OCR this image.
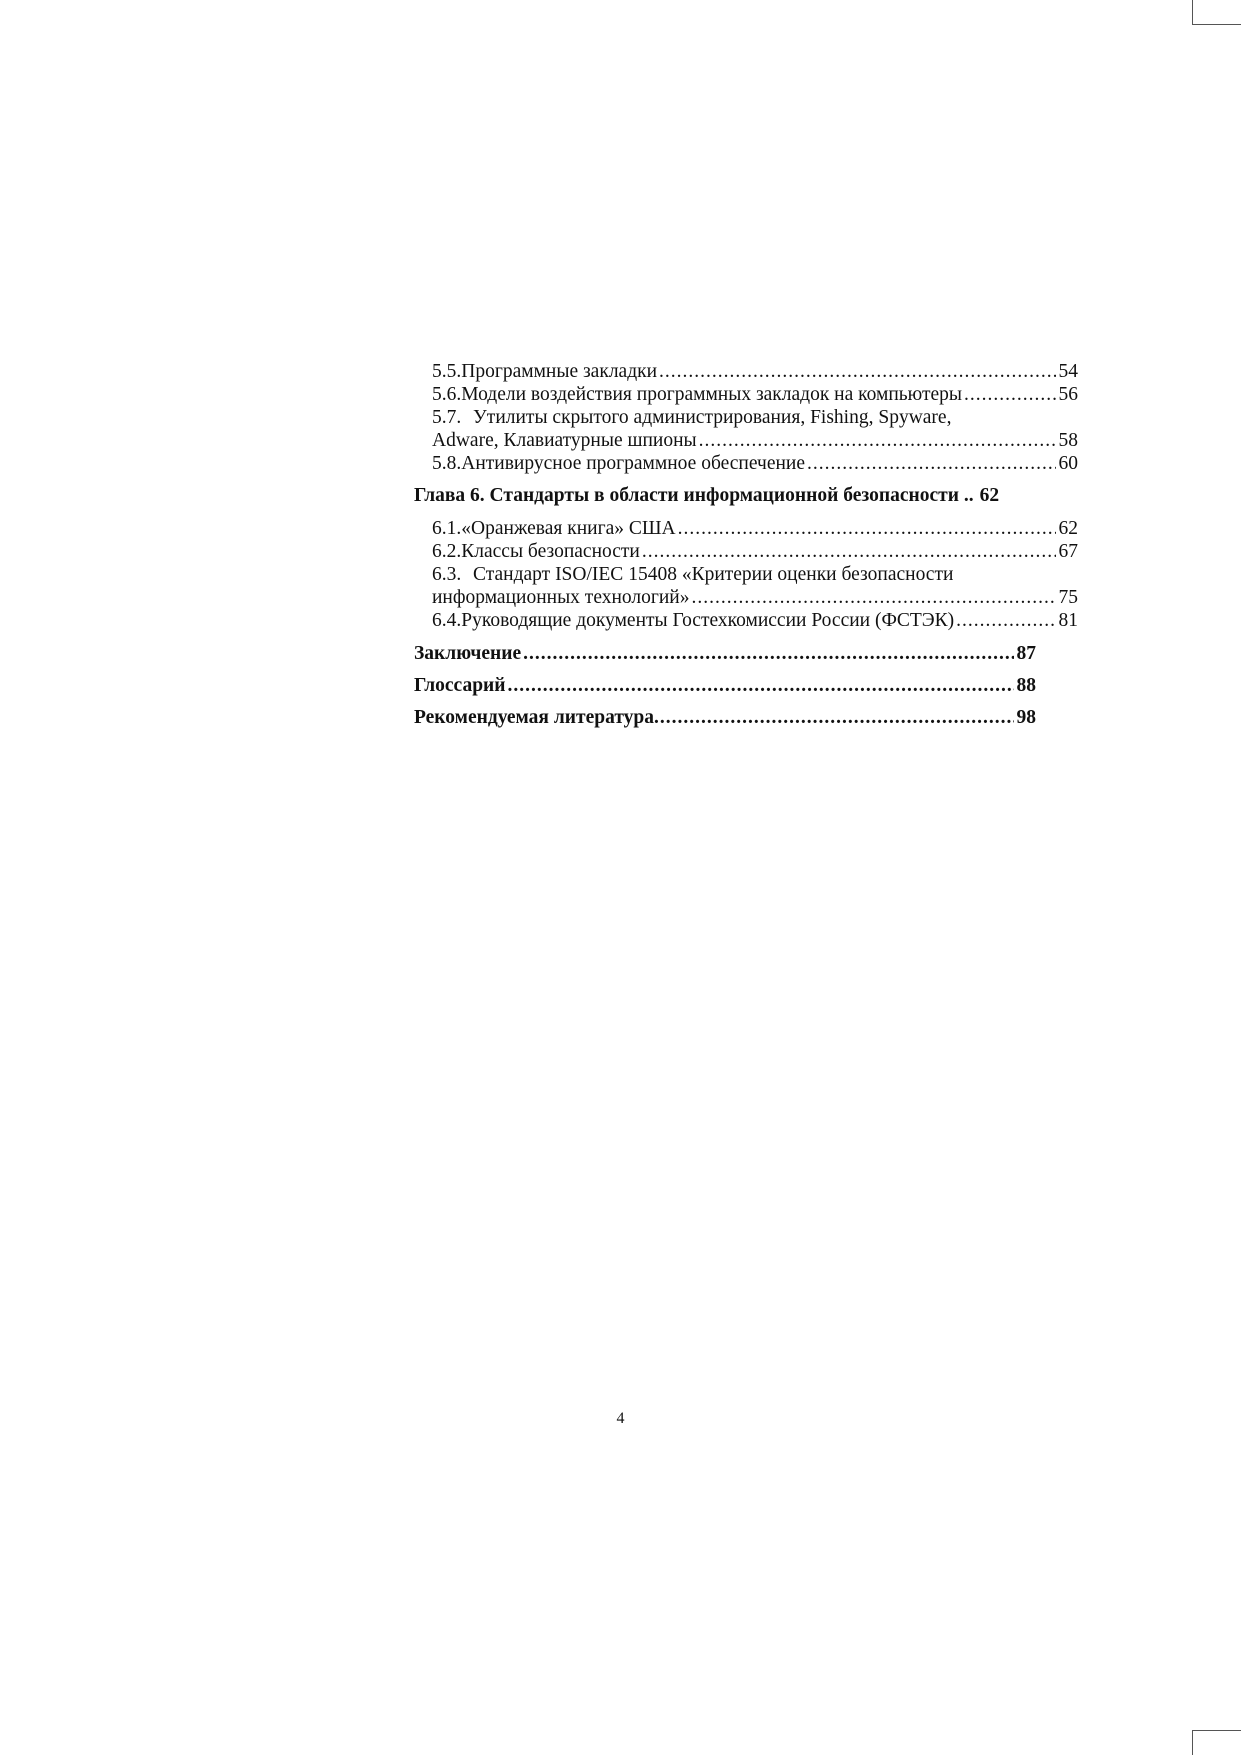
5.5. Программные закладки .....	54
5.6. Модели воздействия программных закладок на компьютеры .....	56
5.7. Утилиты скрытого администрирования, Fishing, Spyware,
Adware, Клавиатурные шпионы .....	58
5.8. Антивирусное программное обеспечение .....	60
Глава 6. Стандарты в области информационной безопасности .. 62
6.1. «Оранжевая книга» США .....	62
6.2. Классы безопасности .....	67
6.3. Стандарт ISO/IEC 15408 «Критерии оценки безопасности
информационных технологий» .....	75
6.4. Руководящие документы Гостехкомиссии России (ФСТЭК) .....	81
Заключение .....	87
Глоссарий .....	88
Рекомендуемая литература .....	98
4
